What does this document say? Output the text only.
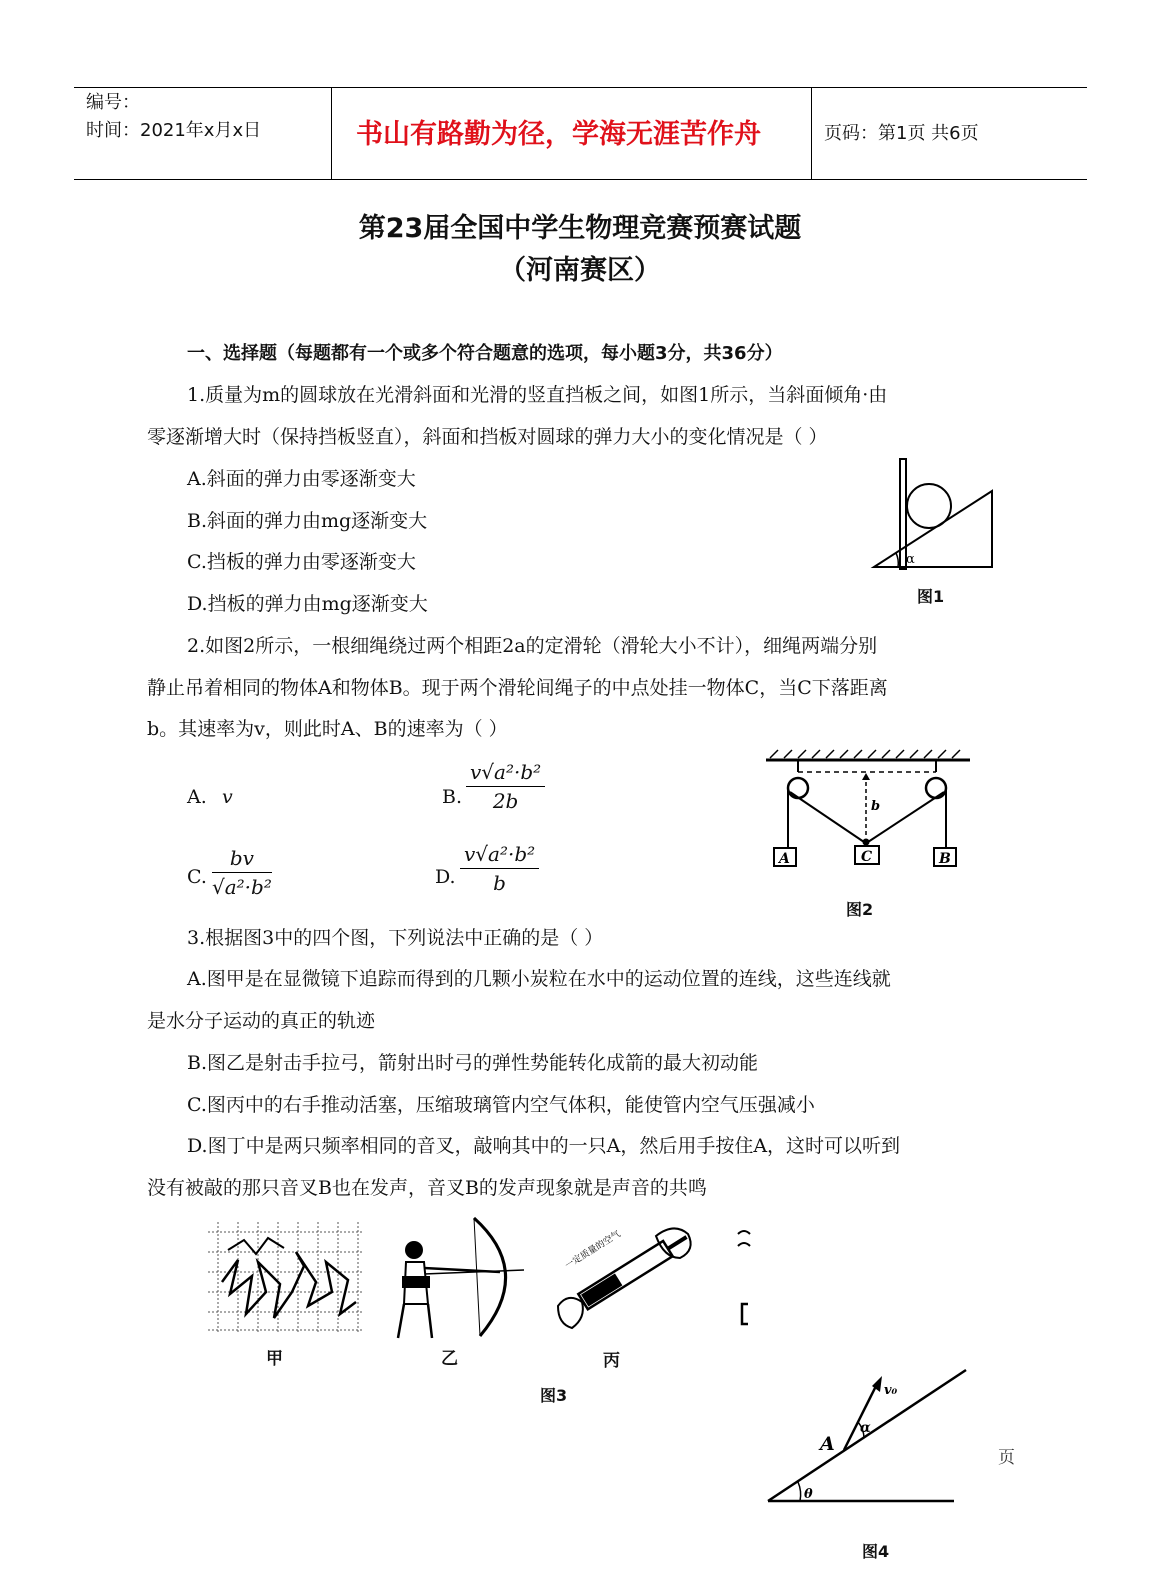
编号：
时间：2021年x月x日	书山有路勤为径，学海无涯苦作舟	页码：第1页 共6页
第23届全国中学生物理竞赛预赛试题
（河南赛区）
一、选择题（每题都有一个或多个符合题意的选项，每小题3分，共36分）
1.质量为m的圆球放在光滑斜面和光滑的竖直挡板之间，如图1所示，当斜面倾角·由
零逐渐增大时（保持挡板竖直），斜面和挡板对圆球的弹力大小的变化情况是（ ）
A.斜面的弹力由零逐渐变大
B.斜面的弹力由mg逐渐变大
C.挡板的弹力由零逐渐变大
D.挡板的弹力由mg逐渐变大
α
图1
2.如图2所示，一根细绳绕过两个相距2a的定滑轮（滑轮大小不计），细绳两端分别
静止吊着相同的物体A和物体B。现于两个滑轮间绳子的中点处挂一物体C，当C下落距离
b。其速率为v，则此时A、B的速率为（ ）
A. v	B. $\frac{\text{v√a²·b²}}{2b}$
C. $\frac{bv}{\text{√a²·b²}}$	D. $\frac{\text{v√a²·b²}}{b}$	A	C	B
b
图2
3.根据图3中的四个图，下列说法中正确的是（ ）
A.图甲是在显微镜下追踪而得到的几颗小炭粒在水中的运动位置的连线，这些连线就
是水分子运动的真正的轨迹
B.图乙是射击手拉弓，箭射出时弓的弹性势能转化成箭的最大初动能
C.图丙中的右手推动活塞，压缩玻璃管内空气体积，能使管内空气压强减小
D.图丁中是两只频率相同的音叉，敲响其中的一只A，然后用手按住A，这时可以听到
没有被敲的那只音叉B也在发声，音叉B的发声现象就是声音的共鸣
甲	乙
一定质量的空气
丙
图3
θ
A
α
v₀
图4
页
